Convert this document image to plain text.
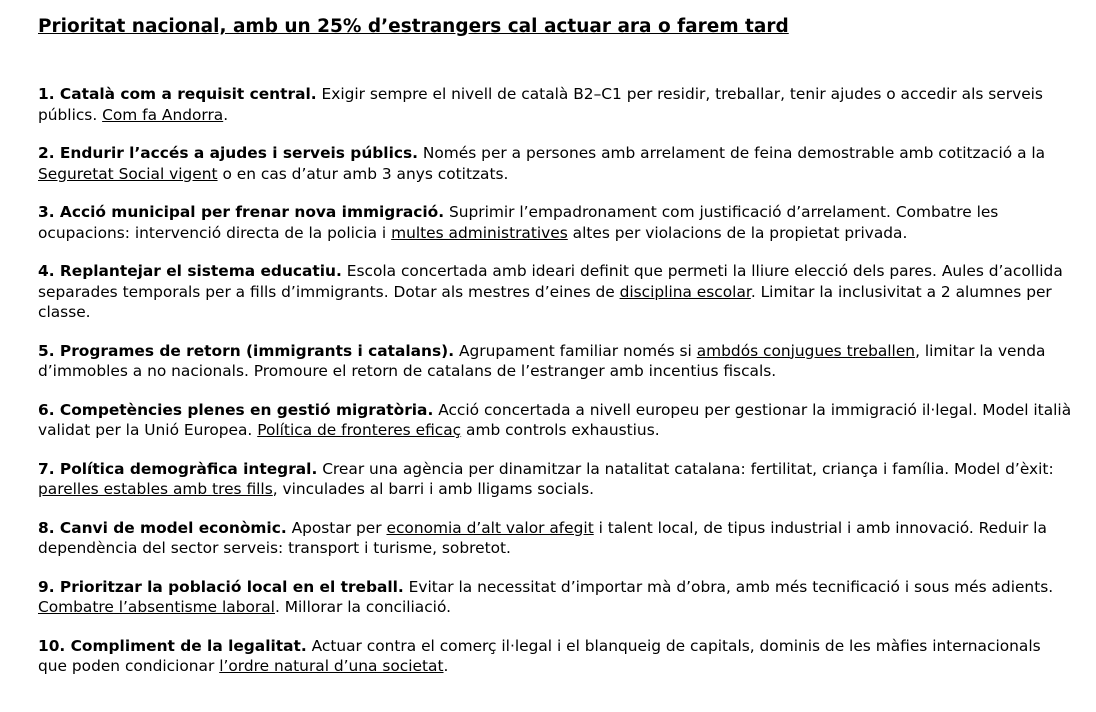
Prioritat nacional, amb un 25% d’estrangers cal actuar ara o farem tard

1. Català com a requisit central. Exigir sempre el nivell de català B2–C1 per residir, treballar, tenir ajudes o accedir als serveis públics. Com fa Andorra.

2. Endurir l’accés a ajudes i serveis públics. Només per a persones amb arrelament de feina demostrable amb cotització a la Seguretat Social vigent o en cas d’atur amb 3 anys cotitzats.

3. Acció municipal per frenar nova immigració. Suprimir l’empadronament com justificació d’arrelament. Combatre les ocupacions: intervenció directa de la policia i multes administratives altes per violacions de la propietat privada.

4. Replantejar el sistema educatiu. Escola concertada amb ideari definit que permeti la lliure elecció dels pares. Aules d’acollida separades temporals per a fills d’immigrants. Dotar als mestres d’eines de disciplina escolar. Limitar la inclusivitat a 2 alumnes per classe.

5. Programes de retorn (immigrants i catalans). Agrupament familiar només si ambdós conjugues treballen, limitar la venda d’immobles a no nacionals. Promoure el retorn de catalans de l’estranger amb incentius fiscals.

6. Competències plenes en gestió migratòria. Acció concertada a nivell europeu per gestionar la immigració il·legal. Model italià validat per la Unió Europea. Política de fronteres eficaç amb controls exhaustius.

7. Política demogràfica integral. Crear una agència per dinamitzar la natalitat catalana: fertilitat, criança i família. Model d’èxit: parelles estables amb tres fills, vinculades al barri i amb lligams socials.

8. Canvi de model econòmic. Apostar per economia d’alt valor afegit i talent local, de tipus industrial i amb innovació. Reduir la dependència del sector serveis: transport i turisme, sobretot.

9. Prioritzar la població local en el treball. Evitar la necessitat d’importar mà d’obra, amb més tecnificació i sous més adients. Combatre l’absentisme laboral. Millorar la conciliació.

10. Compliment de la legalitat. Actuar contra el comerç il·legal i el blanqueig de capitals, dominis de les màfies internacionals que poden condicionar l’ordre natural d’una societat.
